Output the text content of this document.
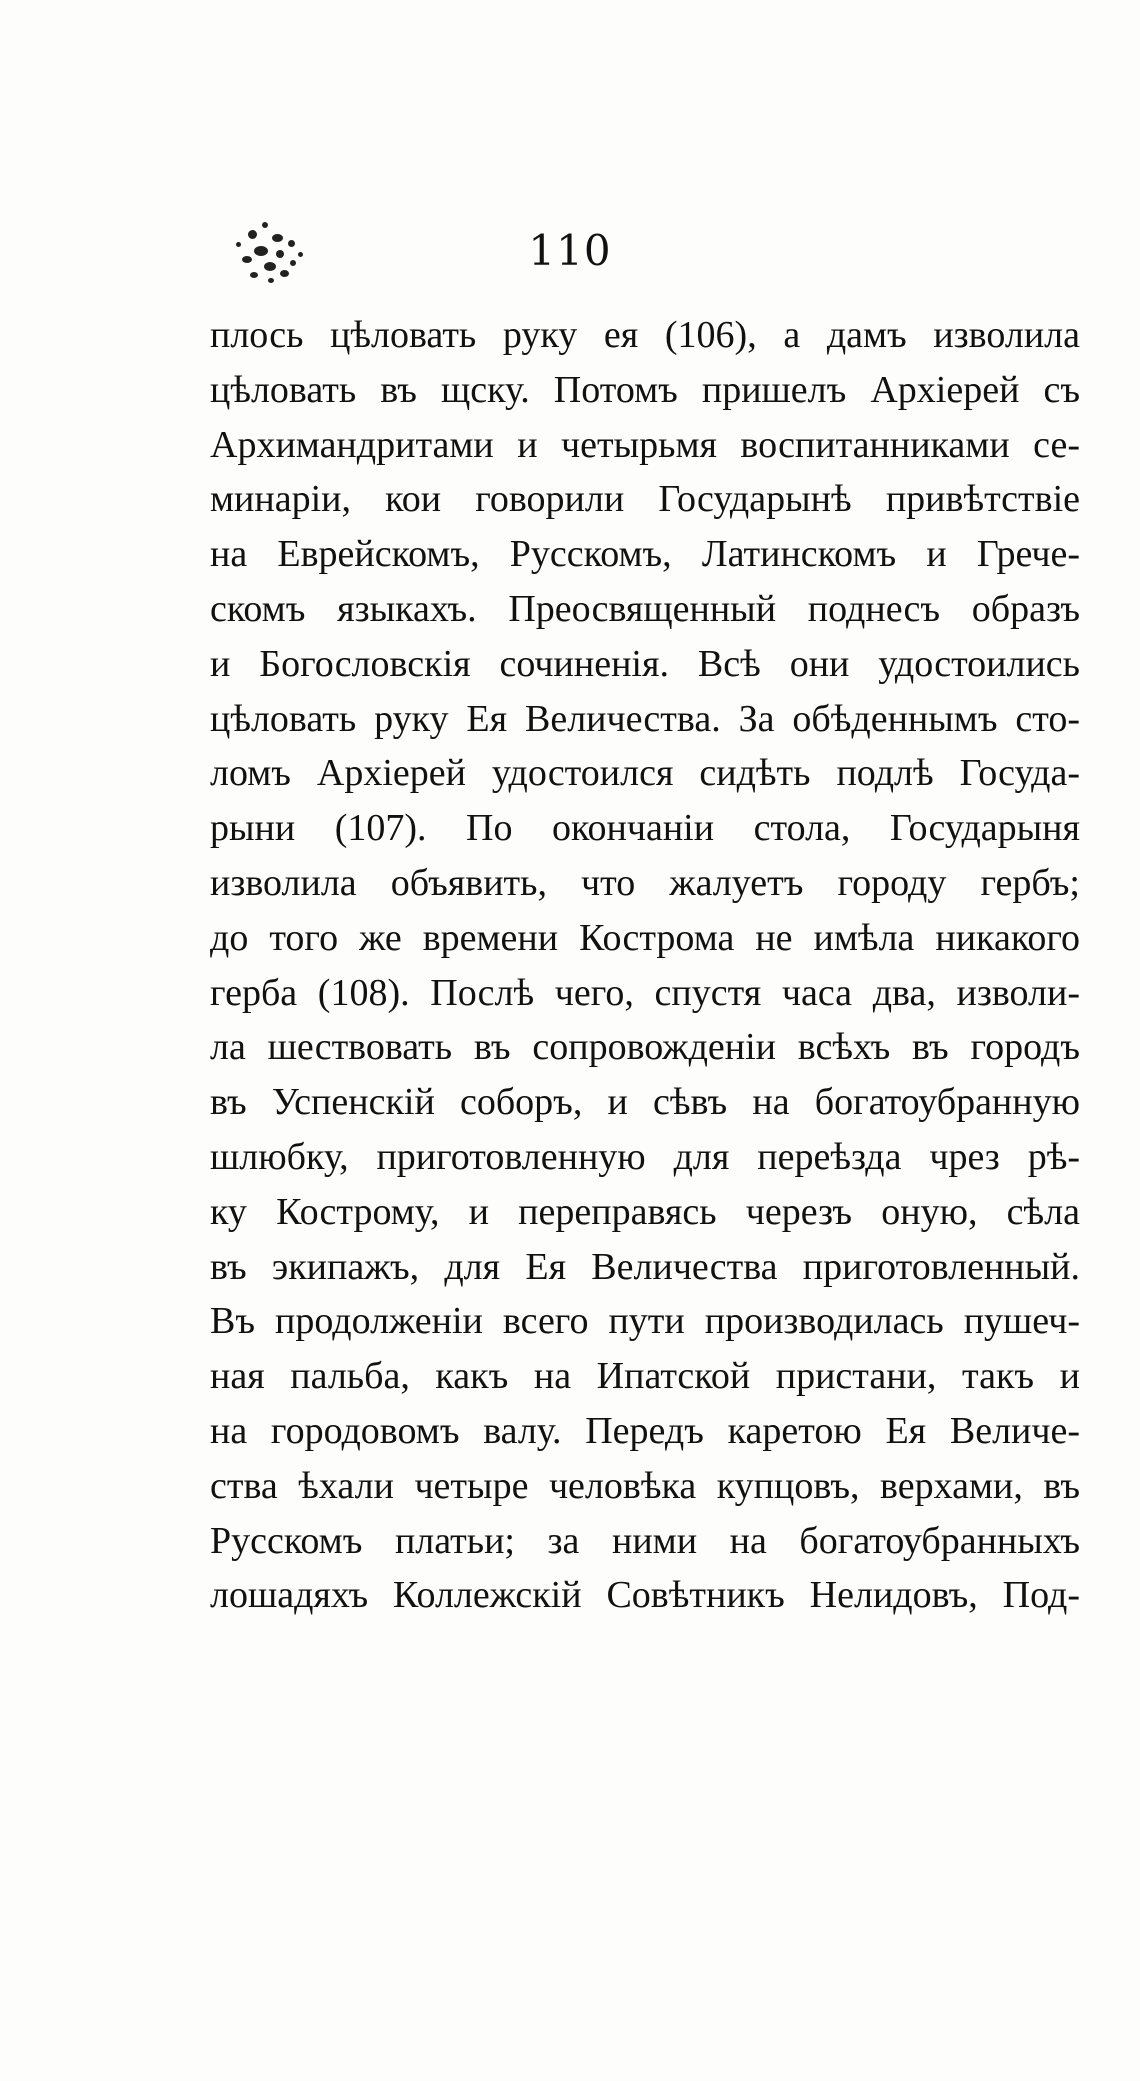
110
плось цѣловать руку ея (106), а дамъ изволила
цѣловать въ щску. Потомъ пришелъ Архіерей съ
Архимандритами и четырьмя воспитанниками се-
минаріи, кои говорили Государынѣ привѣтствіе
на Еврейскомъ, Русскомъ, Латинскомъ и Грече-
скомъ языкахъ. Преосвященный поднесъ образъ
и Богословскія сочиненія. Всѣ они удостоились
цѣловать руку Ея Величества. За обѣденнымъ сто-
ломъ Архіерей удостоился сидѣть подлѣ Госуда-
рыни (107). По окончаніи стола, Государыня
изволила объявить, что жалуетъ городу гербъ;
до того же времени Кострома не имѣла никакого
герба (108). Послѣ чего, спустя часа два, изволи-
ла шествовать въ сопровожденіи всѣхъ въ городъ
въ Успенскій соборъ, и сѣвъ на богатоубранную
шлюбку, приготовленную для переѣзда чрез рѣ-
ку Кострому, и переправясь черезъ оную, сѣла
въ экипажъ, для Ея Величества приготовленный.
Въ продолженіи всего пути производилась пушеч-
ная пальба, какъ на Ипатской пристани, такъ и
на городовомъ валу. Передъ каретою Ея Величе-
ства ѣхали четыре человѣка купцовъ, верхами, въ
Русскомъ платьи; за ними на богатоубранныхъ
лошадяхъ Коллежскій Совѣтникъ Нелидовъ, Под-
